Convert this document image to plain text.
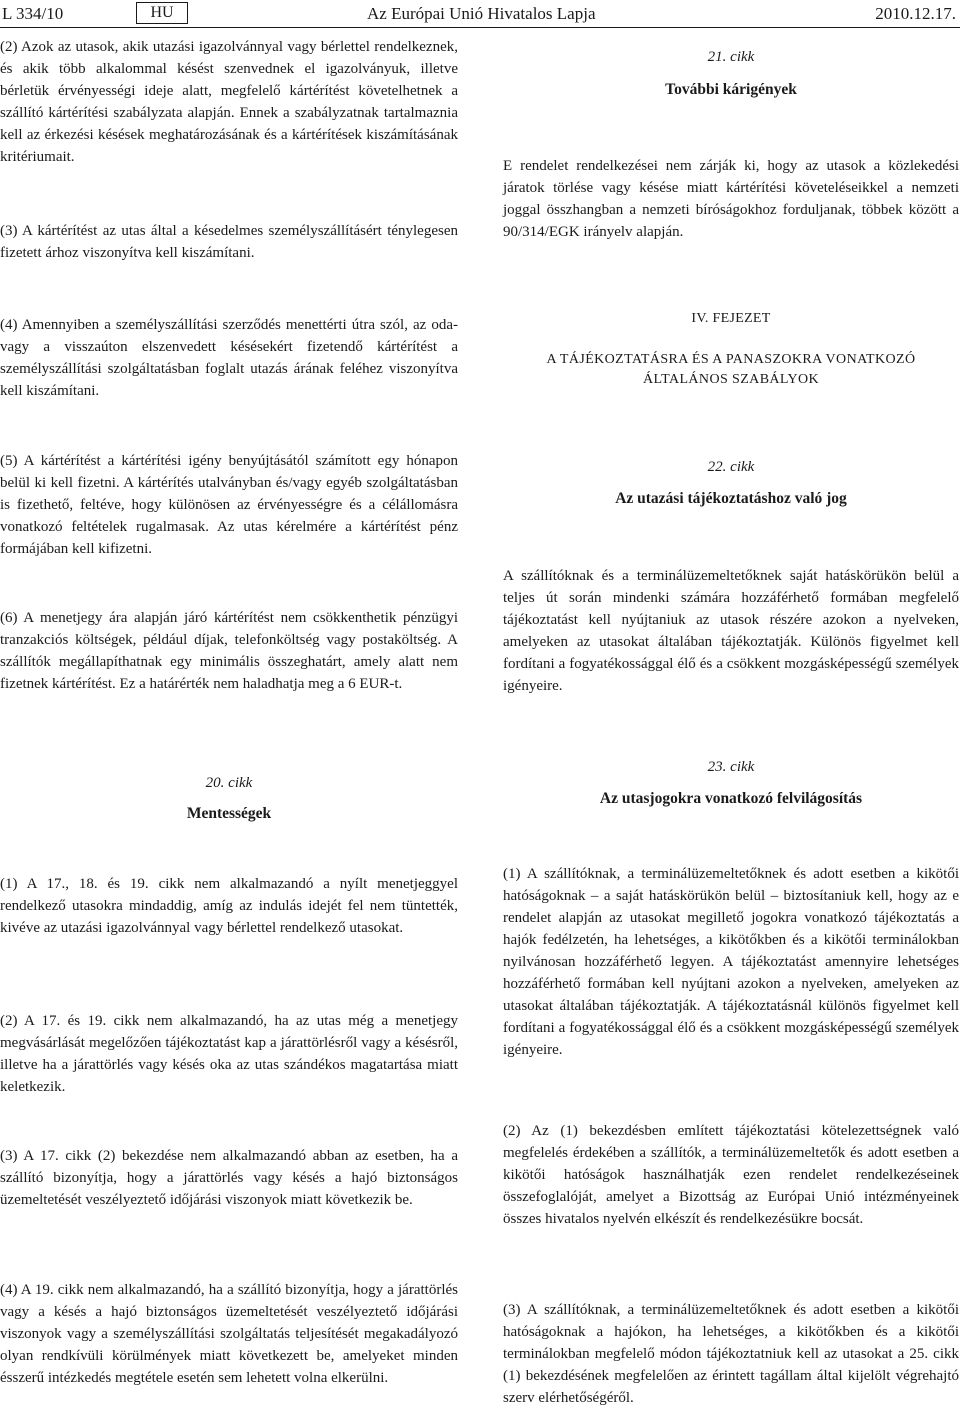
L 334/10	HU	Az Európai Unió Hivatalos Lapja	2010.12.17.

(2) Azok az utasok, akik utazási igazolvánnyal vagy bérlettel rendelkeznek, és akik több alkalommal késést szenvednek el igazolványuk, illetve bérletük érvényességi ideje alatt, megfelelő kártérítést követelhetnek a szállító kártérítési szabályzata alapján. Ennek a szabályzatnak tartalmaznia kell az érkezési késések meghatározásának és a kártérítések kiszámításának kritériumait.

(3) A kártérítést az utas által a késedelmes személyszállításért ténylegesen fizetett árhoz viszonyítva kell kiszámítani.

(4) Amennyiben a személyszállítási szerződés menettérti útra szól, az oda- vagy a visszaúton elszenvedett késésekért fizetendő kártérítést a személyszállítási szolgáltatásban foglalt utazás árának feléhez viszonyítva kell kiszámítani.

(5) A kártérítést a kártérítési igény benyújtásától számított egy hónapon belül ki kell fizetni. A kártérítés utalványban és/vagy egyéb szolgáltatásban is fizethető, feltéve, hogy különösen az érvényességre és a célállomásra vonatkozó feltételek rugalmasak. Az utas kérelmére a kártérítést pénz formájában kell kifizetni.

(6) A menetjegy ára alapján járó kártérítést nem csökkenthetik pénzügyi tranzakciós költségek, például díjak, telefonköltség vagy postaköltség. A szállítók megállapíthatnak egy minimális összeghatárt, amely alatt nem fizetnek kártérítést. Ez a határérték nem haladhatja meg a 6 EUR-t.

20. cikk

Mentességek

(1) A 17., 18. és 19. cikk nem alkalmazandó a nyílt menetjeggyel rendelkező utasokra mindaddig, amíg az indulás idejét fel nem tüntették, kivéve az utazási igazolvánnyal vagy bérlettel rendelkező utasokat.

(2) A 17. és 19. cikk nem alkalmazandó, ha az utas még a menetjegy megvásárlását megelőzően tájékoztatást kap a járattörlésről vagy a késésről, illetve ha a járattörlés vagy késés oka az utas szándékos magatartása miatt keletkezik.

(3) A 17. cikk (2) bekezdése nem alkalmazandó abban az esetben, ha a szállító bizonyítja, hogy a járattörlés vagy késés a hajó biztonságos üzemeltetését veszélyeztető időjárási viszonyok miatt következik be.

(4) A 19. cikk nem alkalmazandó, ha a szállító bizonyítja, hogy a járattörlés vagy a késés a hajó biztonságos üzemeltetését veszélyeztető időjárási viszonyok vagy a személyszállítási szolgáltatás teljesítését megakadályozó olyan rendkívüli körülmények miatt következett be, amelyeket minden ésszerű intézkedés megtétele esetén sem lehetett volna elkerülni.

21. cikk

További kárigények

E rendelet rendelkezései nem zárják ki, hogy az utasok a közlekedési járatok törlése vagy késése miatt kártérítési követeléseikkel a nemzeti joggal összhangban a nemzeti bíróságokhoz forduljanak, többek között a 90/314/EGK irányelv alapján.

IV. FEJEZET

A TÁJÉKOZTATÁSRA ÉS A PANASZOKRA VONATKOZÓ ÁLTALÁNOS SZABÁLYOK

22. cikk

Az utazási tájékoztatáshoz való jog

A szállítóknak és a terminálüzemeltetőknek saját hatáskörükön belül a teljes út során mindenki számára hozzáférhető formában megfelelő tájékoztatást kell nyújtaniuk az utasok részére azokon a nyelveken, amelyeken az utasokat általában tájékoztatják. Különös figyelmet kell fordítani a fogyatékossággal élő és a csökkent mozgásképességű személyek igényeire.

23. cikk

Az utasjogokra vonatkozó felvilágosítás

(1) A szállítóknak, a terminálüzemeltetőknek és adott esetben a kikötői hatóságoknak – a saját hatáskörükön belül – biztosítaniuk kell, hogy az e rendelet alapján az utasokat megillető jogokra vonatkozó tájékoztatás a hajók fedélzetén, ha lehetséges, a kikötőkben és a kikötői terminálokban nyilvánosan hozzáférhető legyen. A tájékoztatást amennyire lehetséges hozzáférhető formában kell nyújtani azokon a nyelveken, amelyeken az utasokat általában tájékoztatják. A tájékoztatásnál különös figyelmet kell fordítani a fogyatékossággal élő és a csökkent mozgásképességű személyek igényeire.

(2) Az (1) bekezdésben említett tájékoztatási kötelezettségnek való megfelelés érdekében a szállítók, a terminálüzemeltetők és adott esetben a kikötői hatóságok használhatják ezen rendelet rendelkezéseinek összefoglalóját, amelyet a Bizottság az Európai Unió intézményeinek összes hivatalos nyelvén elkészít és rendelkezésükre bocsát.

(3) A szállítóknak, a terminálüzemeltetőknek és adott esetben a kikötői hatóságoknak a hajókon, ha lehetséges, a kikötőkben és a kikötői terminálokban megfelelő módon tájékoztatniuk kell az utasokat a 25. cikk (1) bekezdésének megfelelően az érintett tagállam által kijelölt végrehajtó szerv elérhetőségéről.
